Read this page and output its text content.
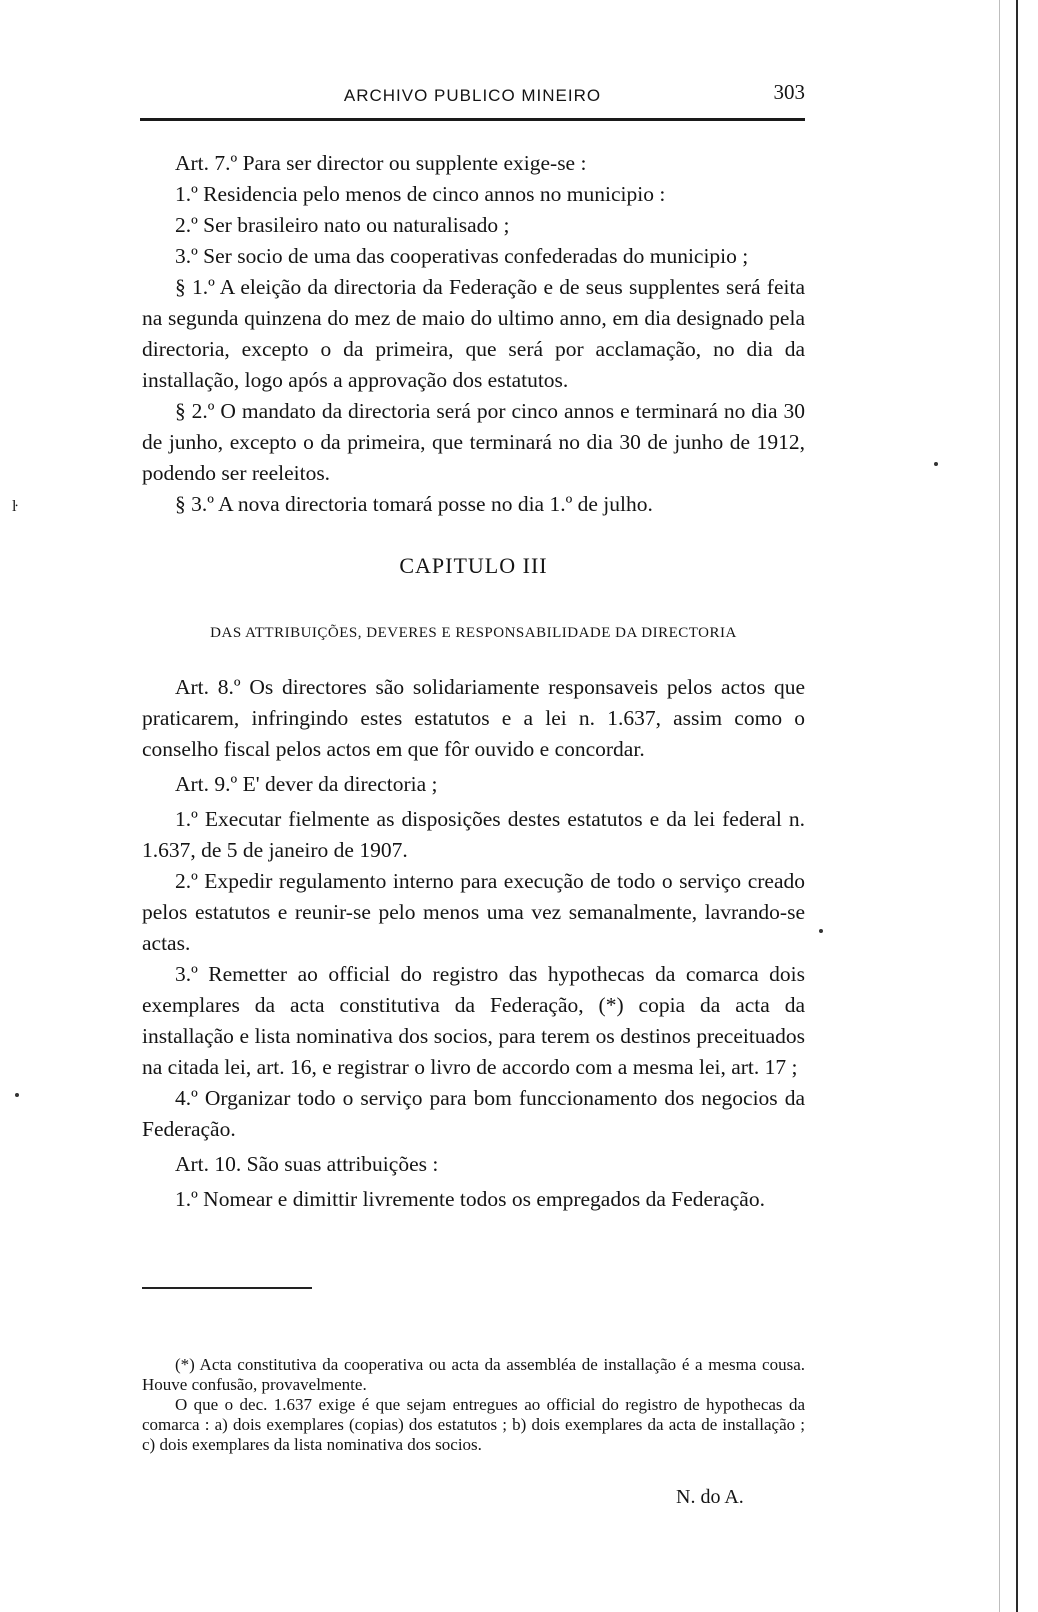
ARCHIVO PUBLICO MINEIRO	303

Art. 7.º Para ser director ou supplente exige-se :

1.º Residencia pelo menos de cinco annos no municipio :

2.º Ser brasileiro nato ou naturalisado ;

3.º Ser socio de uma das cooperativas confederadas do municipio ;

§ 1.º A eleição da directoria da Federação e de seus supplentes será feita na segunda quinzena do mez de maio do ultimo anno, em dia designado pela directoria, excepto o da primeira, que será por acclamação, no dia da installação, logo após a approvação dos estatutos.

§ 2.º O mandato da directoria será por cinco annos e terminará no dia 30 de junho, excepto o da primeira, que terminará no dia 30 de junho de 1912, podendo ser reeleitos.

§ 3.º A nova directoria tomará posse no dia 1.º de julho.

CAPITULO III
DAS ATTRIBUIÇÕES, DEVERES E RESPONSABILIDADE DA DIRECTORIA

Art. 8.º Os directores são solidariamente responsaveis pelos actos que praticarem, infringindo estes estatutos e a lei n. 1.637, assim como o conselho fiscal pelos actos em que fôr ouvido e concordar.

Art. 9.º E' dever da directoria ;

1.º Executar fielmente as disposições destes estatutos e da lei federal n. 1.637, de 5 de janeiro de 1907.

2.º Expedir regulamento interno para execução de todo o serviço creado pelos estatutos e reunir-se pelo menos uma vez semanalmente, lavrando-se actas.

3.º Remetter ao official do registro das hypothecas da comarca dois exemplares da acta constitutiva da Federação, (*) copia da acta da installação e lista nominativa dos socios, para terem os destinos preceituados na citada lei, art. 16, e registrar o livro de accordo com a mesma lei, art. 17 ;

4.º Organizar todo o serviço para bom funccionamento dos negocios da Federação.

Art. 10. São suas attribuições :

1.º Nomear e dimittir livremente todos os empregados da Federação.

(*) Acta constitutiva da cooperativa ou acta da assembléa de installação é a mesma cousa. Houve confusão, provavelmente.

O que o dec. 1.637 exige é que sejam entregues ao official do registro de hypothecas da comarca : a) dois exemplares (copias) dos estatutos ; b) dois exemplares da acta de installação ; c) dois exemplares da lista nominativa dos socios.

N. do A.
ŀ
